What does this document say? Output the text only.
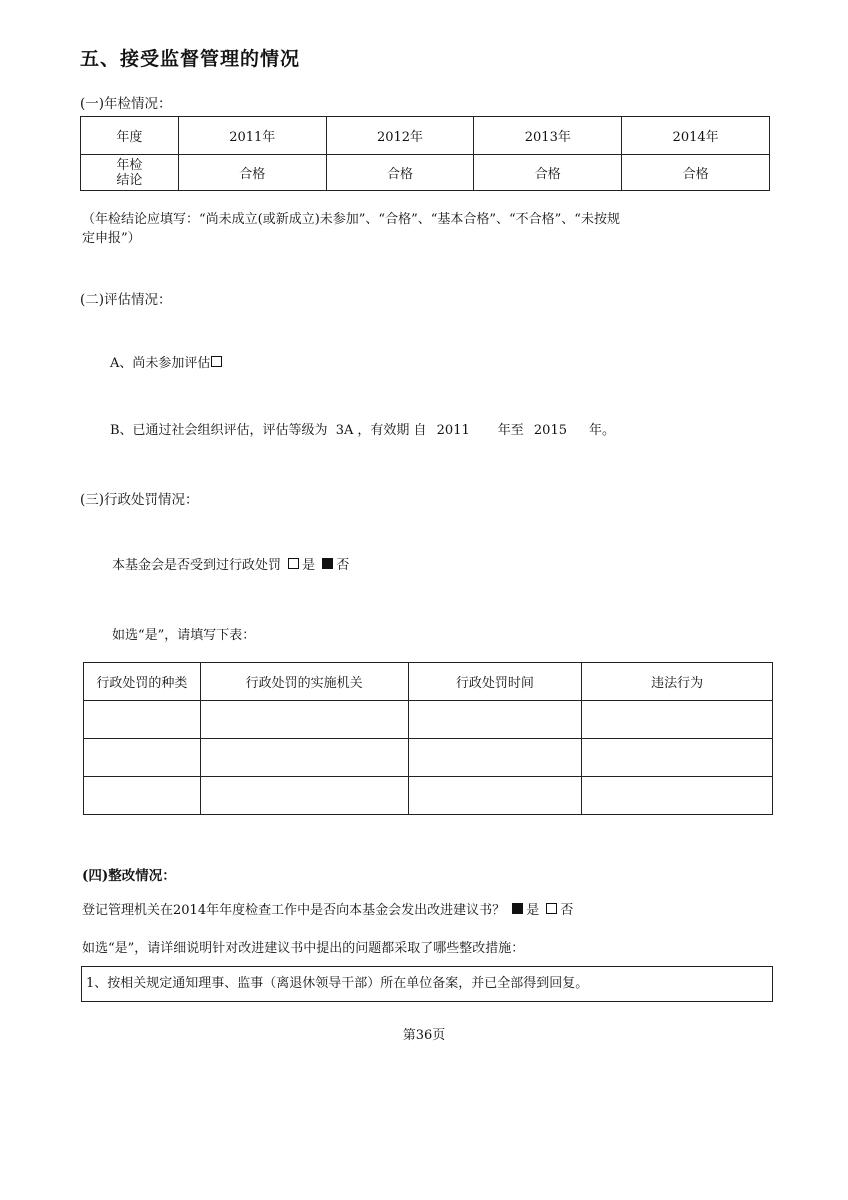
五、接受监督管理的情况
(一)年检情况：
年度	2011年	2012年	2013年	2014年
年检
结论	合格	合格	合格	合格
（年检结论应填写：“尚未成立(或新成立)未参加”、“合格”、“基本合格”、“不合格”、“未按规
定申报”）
(二)评估情况：
A、尚未参加评估
B、已通过社会组织评估，评估等级为 3A ，有效期 自 2011 年至 2015 年。
(三)行政处罚情况：
本基金会是否受到过行政处罚 是 否
如选“是”，请填写下表：
行政处罚的种类	行政处罚的实施机关	行政处罚时间	违法行为

(四)整改情况：
登记管理机关在2014年年度检查工作中是否向本基金会发出改进建议书？ 是 否
如选“是”，请详细说明针对改进建议书中提出的问题都采取了哪些整改措施：
1、按相关规定通知理事、监事（离退休领导干部）所在单位备案，并已全部得到回复。
第36页
